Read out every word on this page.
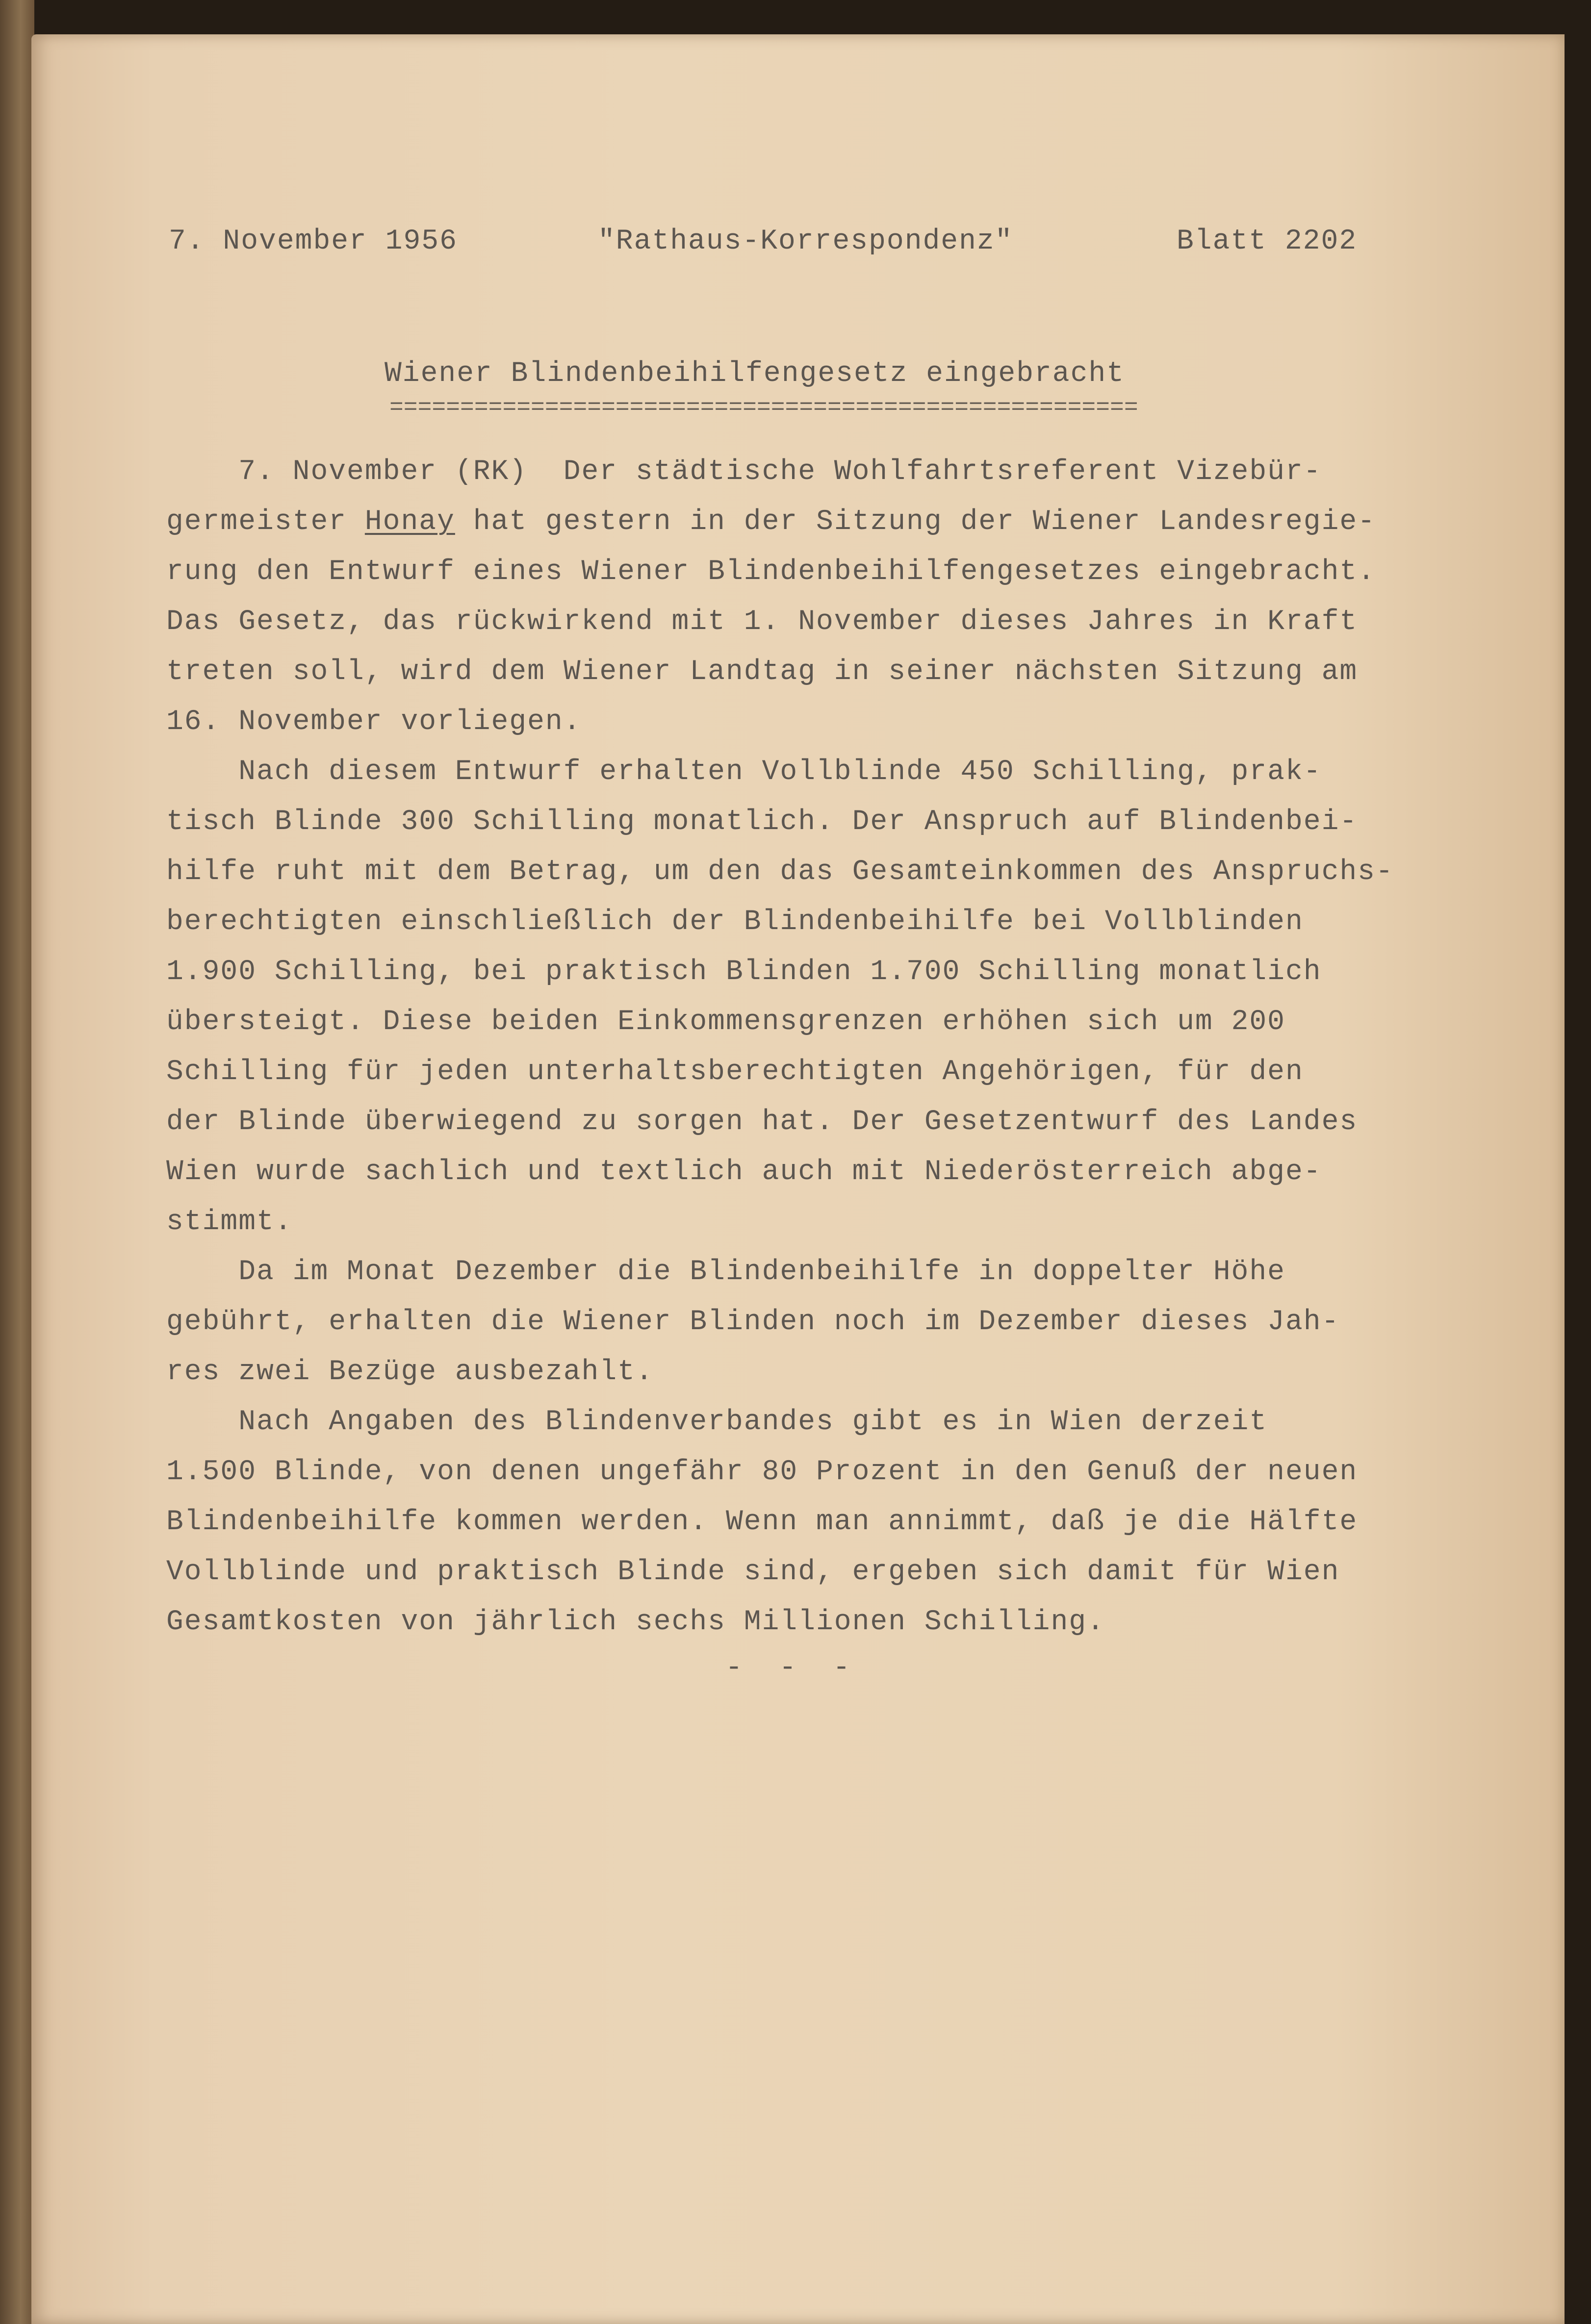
7. November 1956	"Rathaus-Korrespondenz"	Blatt 2202
Wiener Blindenbeihilfengesetz eingebracht
=====================================================

7. November (RK)  Der städtische Wohlfahrtsreferent Vizebür-

germeister Honay hat gestern in der Sitzung der Wiener Landesregie-

rung den Entwurf eines Wiener Blindenbeihilfengesetzes eingebracht.

Das Gesetz, das rückwirkend mit 1. November dieses Jahres in Kraft

treten soll, wird dem Wiener Landtag in seiner nächsten Sitzung am

16. November vorliegen.

Nach diesem Entwurf erhalten Vollblinde 450 Schilling, prak-

tisch Blinde 300 Schilling monatlich. Der Anspruch auf Blindenbei-

hilfe ruht mit dem Betrag, um den das Gesamteinkommen des Anspruchs-

berechtigten einschließlich der Blindenbeihilfe bei Vollblinden

1.900 Schilling, bei praktisch Blinden 1.700 Schilling monatlich

übersteigt. Diese beiden Einkommensgrenzen erhöhen sich um 200

Schilling für jeden unterhaltsberechtigten Angehörigen, für den

der Blinde überwiegend zu sorgen hat. Der Gesetzentwurf des Landes

Wien wurde sachlich und textlich auch mit Niederösterreich abge-

stimmt.

Da im Monat Dezember die Blindenbeihilfe in doppelter Höhe

gebührt, erhalten die Wiener Blinden noch im Dezember dieses Jah-

res zwei Bezüge ausbezahlt.

Nach Angaben des Blindenverbandes gibt es in Wien derzeit

1.500 Blinde, von denen ungefähr 80 Prozent in den Genuß der neuen

Blindenbeihilfe kommen werden. Wenn man annimmt, daß je die Hälfte

Vollblinde und praktisch Blinde sind, ergeben sich damit für Wien

Gesamtkosten von jährlich sechs Millionen Schilling.

- - -
